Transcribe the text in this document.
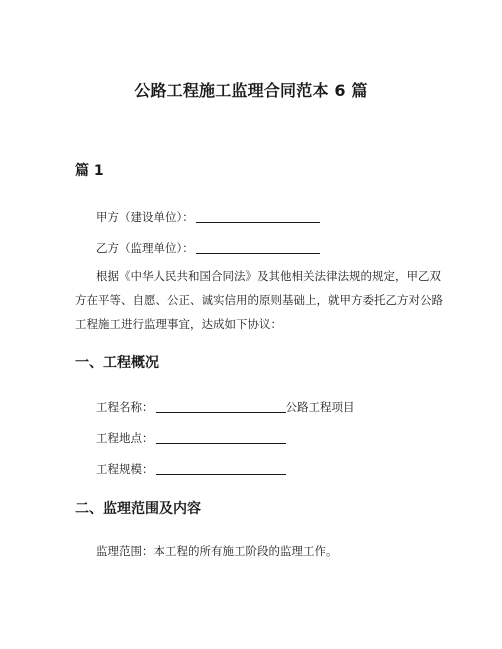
公路工程施工监理合同范本 6 篇
篇 1
甲方（建设单位）：
乙方（监理单位）：
根据《中华人民共和国合同法》及其他相关法律法规的规定，甲乙双方在平等、自愿、公正、诚实信用的原则基础上，就甲方委托乙方对公路工程施工进行监理事宜，达成如下协议：
一、工程概况
工程名称：	公路工程项目
工程地点：
工程规模：
二、监理范围及内容
监理范围：本工程的所有施工阶段的监理工作。
